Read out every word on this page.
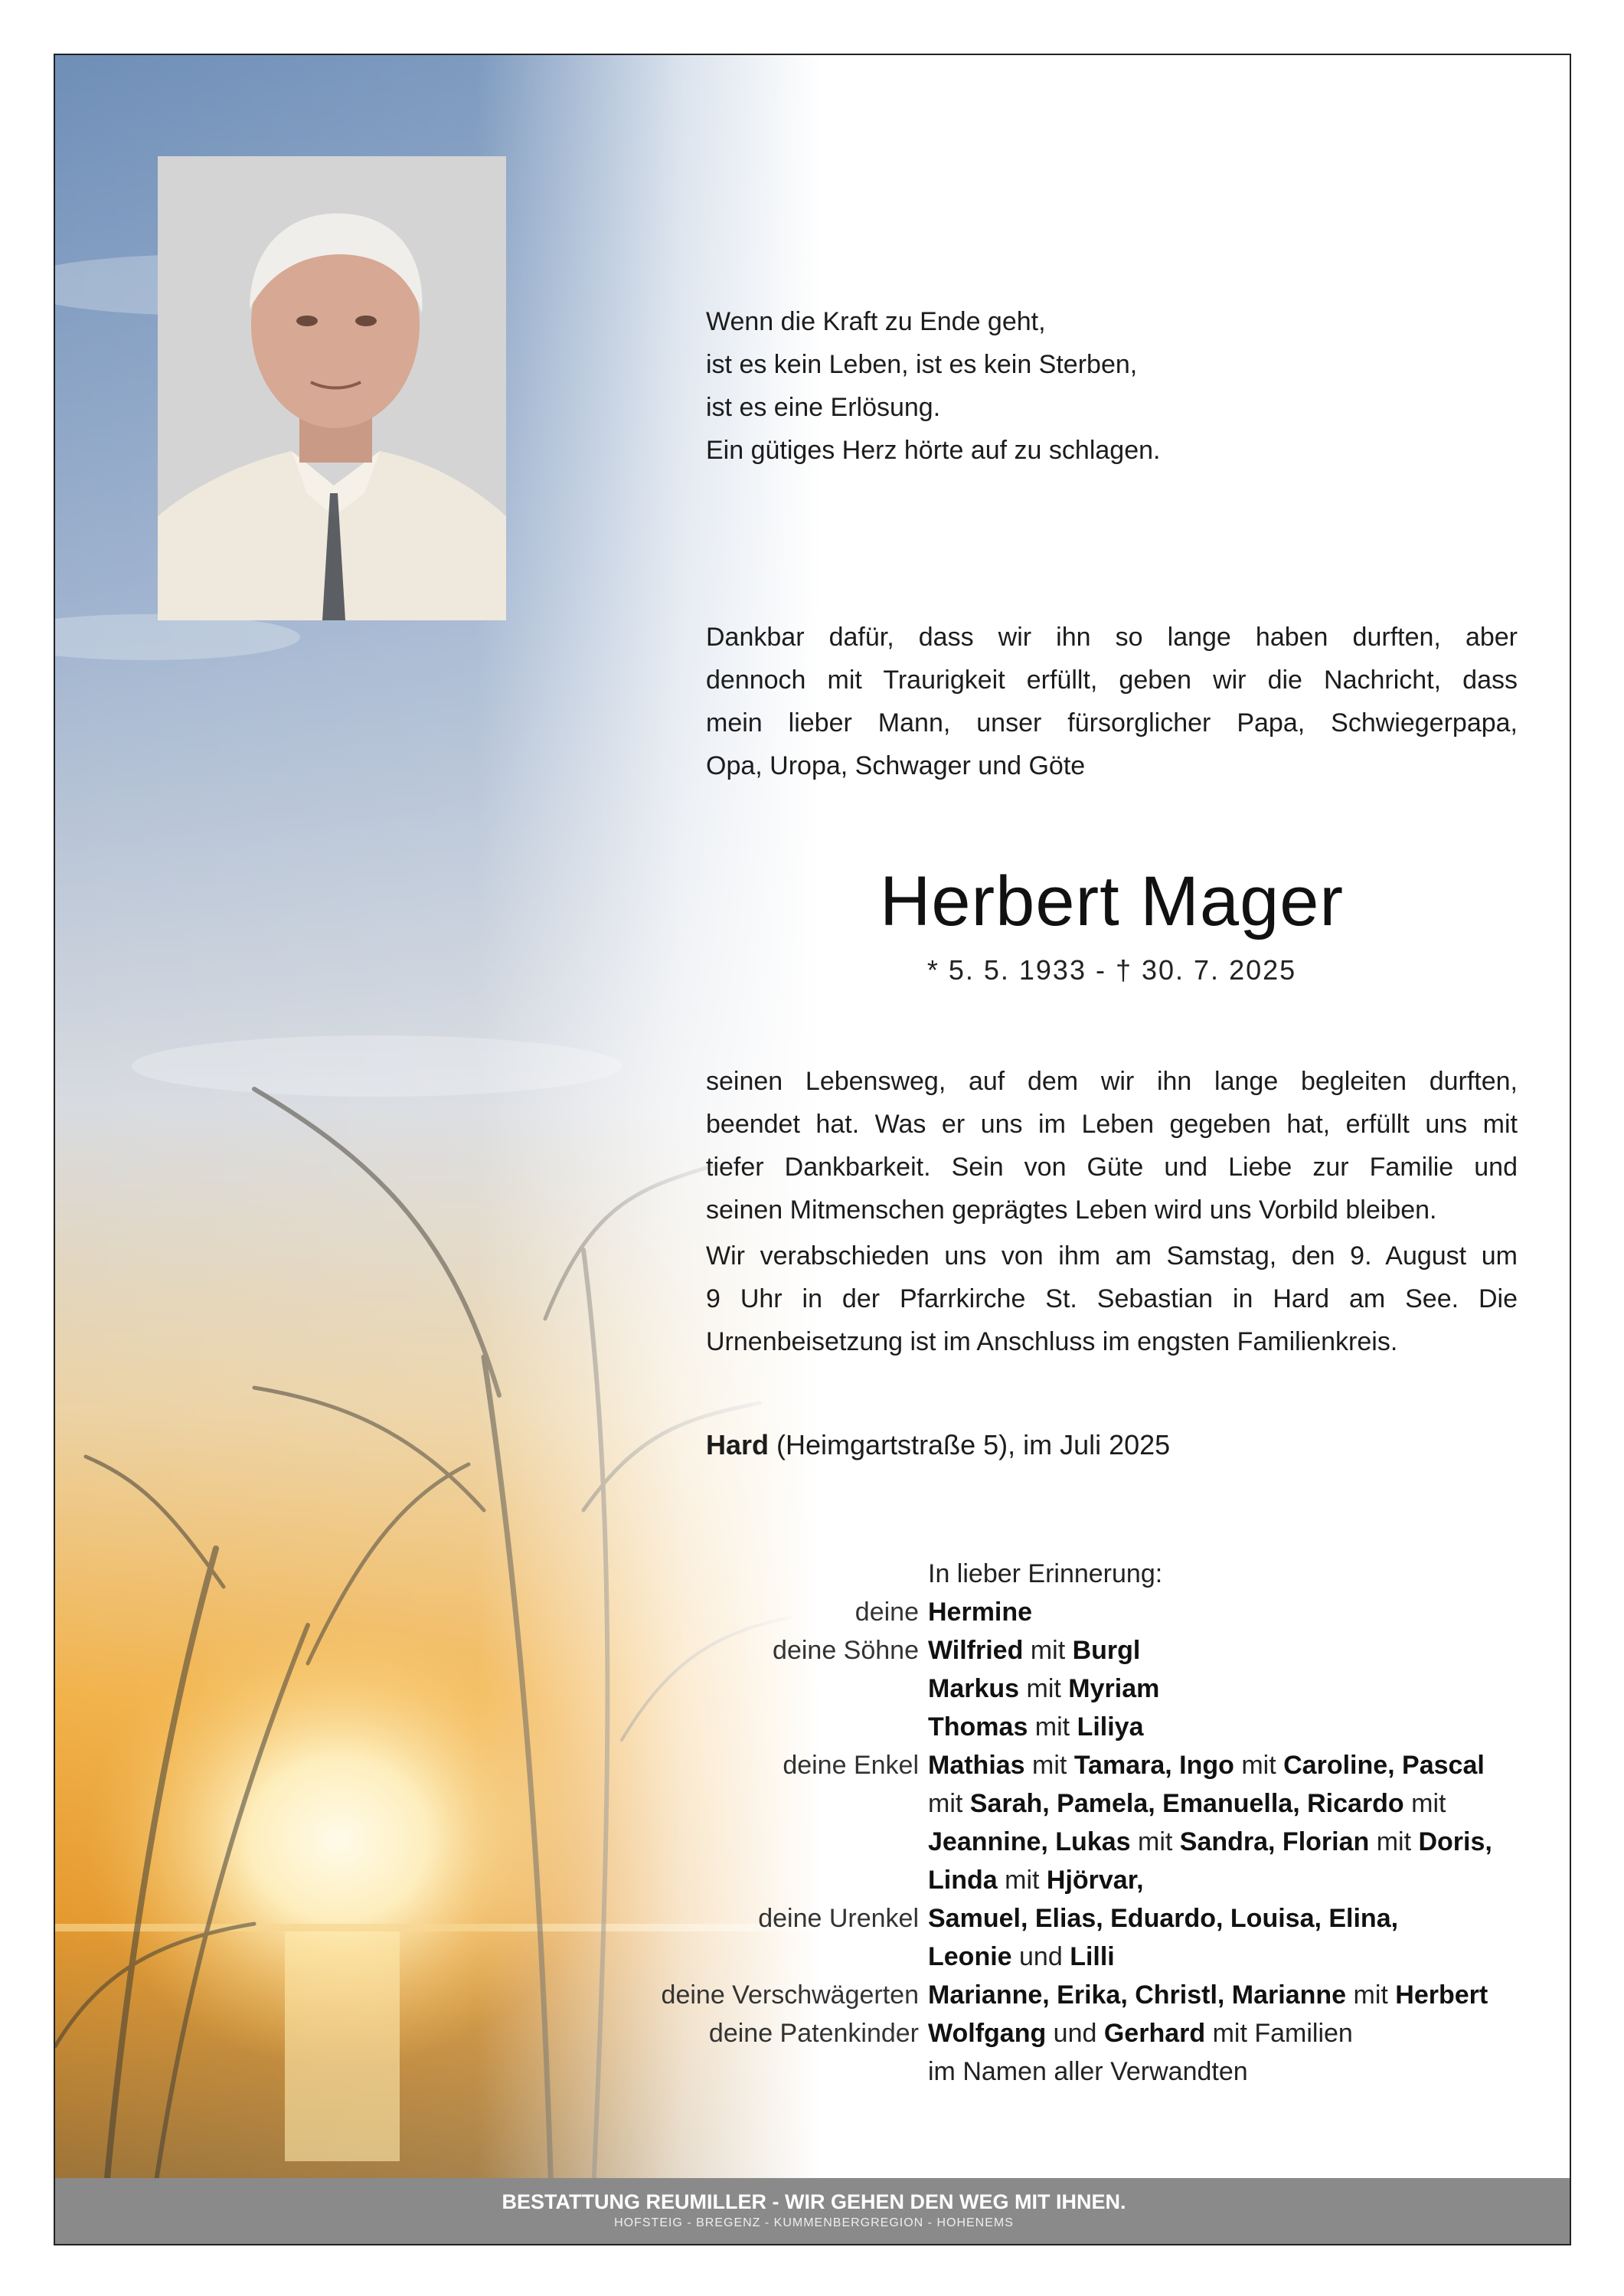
Wenn die Kraft zu Ende geht,
ist es kein Leben, ist es kein Sterben,
ist es eine Erlösung.
Ein gütiges Herz hörte auf zu schlagen.
Dankbar dafür, dass wir ihn so lange haben durften, aber
dennoch mit Traurigkeit erfüllt, geben wir die Nachricht, dass
mein lieber Mann, unser fürsorglicher Papa, Schwiegerpapa,
Opa, Uropa, Schwager und Göte
Herbert Mager
* 5. 5. 1933 - † 30. 7. 2025
seinen Lebensweg, auf dem wir ihn lange begleiten durften,
beendet hat. Was er uns im Leben gegeben hat, erfüllt uns mit
tiefer Dankbarkeit. Sein von Güte und Liebe zur Familie und
seinen Mitmenschen geprägtes Leben wird uns Vorbild bleiben.
Wir verabschieden uns von ihm am Samstag, den 9. August um
9 Uhr in der Pfarrkirche St. Sebastian in Hard am See. Die
Urnenbeisetzung ist im Anschluss im engsten Familienkreis.
Hard (Heimgartstraße 5), im Juli 2025
In lieber Erinnerung:
deine Hermine
deine Söhne Wilfried mit Burgl
Markus mit Myriam
Thomas mit Liliya
deine Enkel Mathias mit Tamara, Ingo mit Caroline, Pascal
mit Sarah, Pamela, Emanuella, Ricardo mit
Jeannine, Lukas mit Sandra, Florian mit Doris,
Linda mit Hjörvar,
deine Urenkel Samuel, Elias, Eduardo, Louisa, Elina,
Leonie und Lilli
deine Verschwägerten Marianne, Erika, Christl, Marianne mit Herbert
deine Patenkinder Wolfgang und Gerhard mit Familien
im Namen aller Verwandten
BESTATTUNG REUMILLER - WIR GEHEN DEN WEG MIT IHNEN.
HOFSTEIG - BREGENZ - KUMMENBERGREGION - HOHENEMS
